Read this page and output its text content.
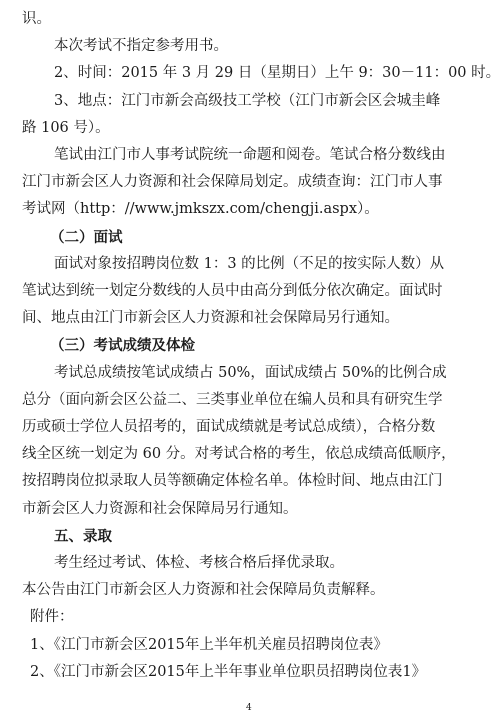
识。
本次考试不指定参考用书。
2、时间：2015 年 3 月 29 日（星期日）上午 9：30－11：00 时。
3、地点：江门市新会高级技工学校（江门市新会区会城圭峰
路 106 号）。
笔试由江门市人事考试院统一命题和阅卷。笔试合格分数线由
江门市新会区人力资源和社会保障局划定。成绩查询：江门市人事
考试网（http：//www.jmkszx.com/chengji.aspx）。
（二）面试
面试对象按招聘岗位数 1：3 的比例（不足的按实际人数）从
笔试达到统一划定分数线的人员中由高分到低分依次确定。面试时
间、地点由江门市新会区人力资源和社会保障局另行通知。
（三）考试成绩及体检
考试总成绩按笔试成绩占 50%，面试成绩占 50%的比例合成
总分（面向新会区公益二、三类事业单位在编人员和具有研究生学
历或硕士学位人员招考的，面试成绩就是考试总成绩），合格分数
线全区统一划定为 60 分。对考试合格的考生，依总成绩高低顺序，
按招聘岗位拟录取人员等额确定体检名单。体检时间、地点由江门
市新会区人力资源和社会保障局另行通知。
五、录取
考生经过考试、体检、考核合格后择优录取。
本公告由江门市新会区人力资源和社会保障局负责解释。
附件：
1、《江门市新会区2015年上半年机关雇员招聘岗位表》
2、《江门市新会区2015年上半年事业单位职员招聘岗位表1》
4
